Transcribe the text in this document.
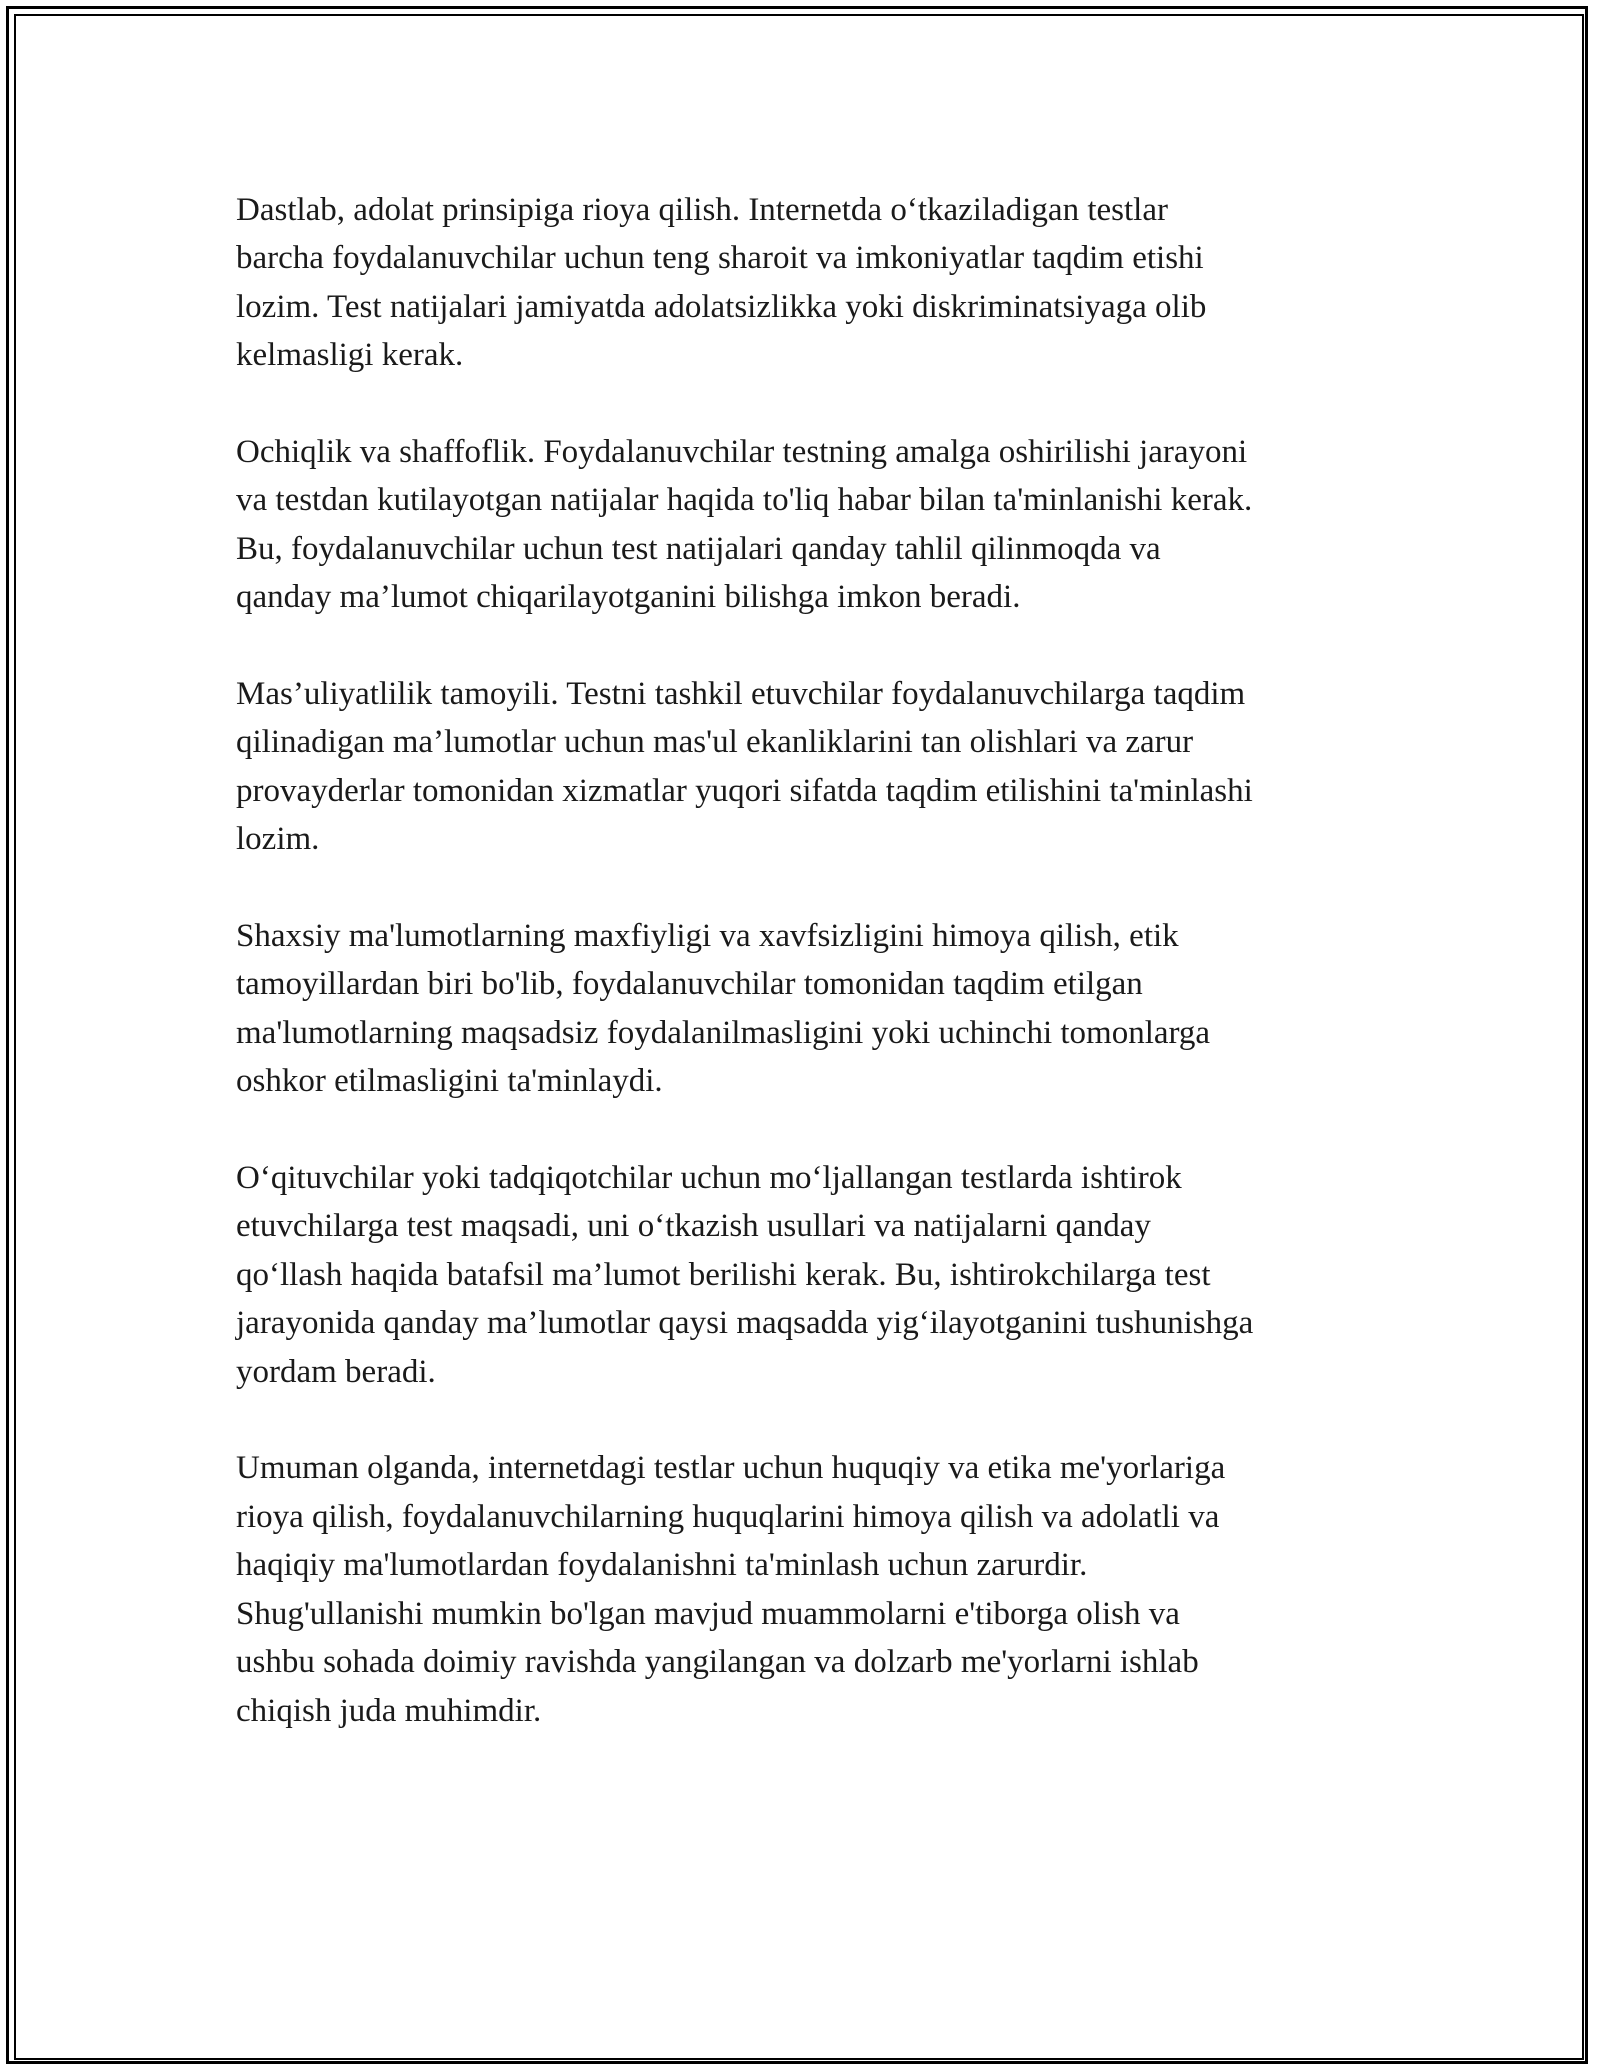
Dastlab, adolat prinsipiga rioya qilish. Internetda o‘tkaziladigan testlar
barcha foydalanuvchilar uchun teng sharoit va imkoniyatlar taqdim etishi
lozim. Test natijalari jamiyatda adolatsizlikka yoki diskriminatsiyaga olib
kelmasligi kerak.

Ochiqlik va shaffoflik. Foydalanuvchilar testning amalga oshirilishi jarayoni
va testdan kutilayotgan natijalar haqida to'liq habar bilan ta'minlanishi kerak.
Bu, foydalanuvchilar uchun test natijalari qanday tahlil qilinmoqda va
qanday ma’lumot chiqarilayotganini bilishga imkon beradi.

Mas’uliyatlilik tamoyili. Testni tashkil etuvchilar foydalanuvchilarga taqdim
qilinadigan ma’lumotlar uchun mas'ul ekanliklarini tan olishlari va zarur
provayderlar tomonidan xizmatlar yuqori sifatda taqdim etilishini ta'minlashi
lozim.

Shaxsiy ma'lumotlarning maxfiyligi va xavfsizligini himoya qilish, etik
tamoyillardan biri bo'lib, foydalanuvchilar tomonidan taqdim etilgan
ma'lumotlarning maqsadsiz foydalanilmasligini yoki uchinchi tomonlarga
oshkor etilmasligini ta'minlaydi.

O‘qituvchilar yoki tadqiqotchilar uchun mo‘ljallangan testlarda ishtirok
etuvchilarga test maqsadi, uni o‘tkazish usullari va natijalarni qanday
qo‘llash haqida batafsil ma’lumot berilishi kerak. Bu, ishtirokchilarga test
jarayonida qanday ma’lumotlar qaysi maqsadda yig‘ilayotganini tushunishga
yordam beradi.

Umuman olganda, internetdagi testlar uchun huquqiy va etika me'yorlariga
rioya qilish, foydalanuvchilarning huquqlarini himoya qilish va adolatli va
haqiqiy ma'lumotlardan foydalanishni ta'minlash uchun zarurdir.
Shug'ullanishi mumkin bo'lgan mavjud muammolarni e'tiborga olish va
ushbu sohada doimiy ravishda yangilangan va dolzarb me'yorlarni ishlab
chiqish juda muhimdir.
